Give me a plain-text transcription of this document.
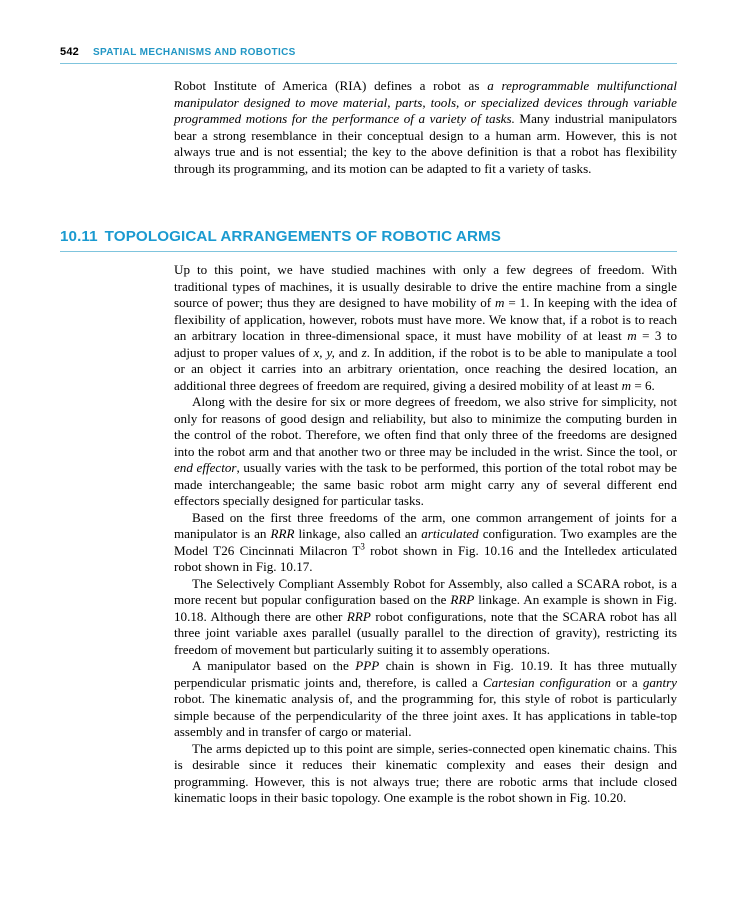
542 SPATIAL MECHANISMS AND ROBOTICS

Robot Institute of America (RIA) defines a robot as a reprogrammable multifunctional manipulator designed to move material, parts, tools, or specialized devices through variable programmed motions for the performance of a variety of tasks. Many industrial manipulators bear a strong resemblance in their conceptual design to a human arm. However, this is not always true and is not essential; the key to the above definition is that a robot has flexibility through its programming, and its motion can be adapted to fit a variety of tasks.

10.11 TOPOLOGICAL ARRANGEMENTS OF ROBOTIC ARMS

Up to this point, we have studied machines with only a few degrees of freedom. With traditional types of machines, it is usually desirable to drive the entire machine from a single source of power; thus they are designed to have mobility of m = 1. In keeping with the idea of flexibility of application, however, robots must have more. We know that, if a robot is to reach an arbitrary location in three-dimensional space, it must have mobility of at least m = 3 to adjust to proper values of x, y, and z. In addition, if the robot is to be able to manipulate a tool or an object it carries into an arbitrary orientation, once reaching the desired location, an additional three degrees of freedom are required, giving a desired mobility of at least m = 6.

Along with the desire for six or more degrees of freedom, we also strive for simplicity, not only for reasons of good design and reliability, but also to minimize the computing burden in the control of the robot. Therefore, we often find that only three of the freedoms are designed into the robot arm and that another two or three may be included in the wrist. Since the tool, or end effector, usually varies with the task to be performed, this portion of the total robot may be made interchangeable; the same basic robot arm might carry any of several different end effectors specially designed for particular tasks.

Based on the first three freedoms of the arm, one common arrangement of joints for a manipulator is an RRR linkage, also called an articulated configuration. Two examples are the Model T26 Cincinnati Milacron $T^3$ robot shown in Fig. 10.16 and the Intelledex articulated robot shown in Fig. 10.17.

The Selectively Compliant Assembly Robot for Assembly, also called a SCARA robot, is a more recent but popular configuration based on the RRP linkage. An example is shown in Fig. 10.18. Although there are other RRP robot configurations, note that the SCARA robot has all three joint variable axes parallel (usually parallel to the direction of gravity), restricting its freedom of movement but particularly suiting it to assembly operations.

A manipulator based on the PPP chain is shown in Fig. 10.19. It has three mutually perpendicular prismatic joints and, therefore, is called a Cartesian configuration or a gantry robot. The kinematic analysis of, and the programming for, this style of robot is particularly simple because of the perpendicularity of the three joint axes. It has applications in table-top assembly and in transfer of cargo or material.

The arms depicted up to this point are simple, series-connected open kinematic chains. This is desirable since it reduces their kinematic complexity and eases their design and programming. However, this is not always true; there are robotic arms that include closed kinematic loops in their basic topology. One example is the robot shown in Fig. 10.20.
